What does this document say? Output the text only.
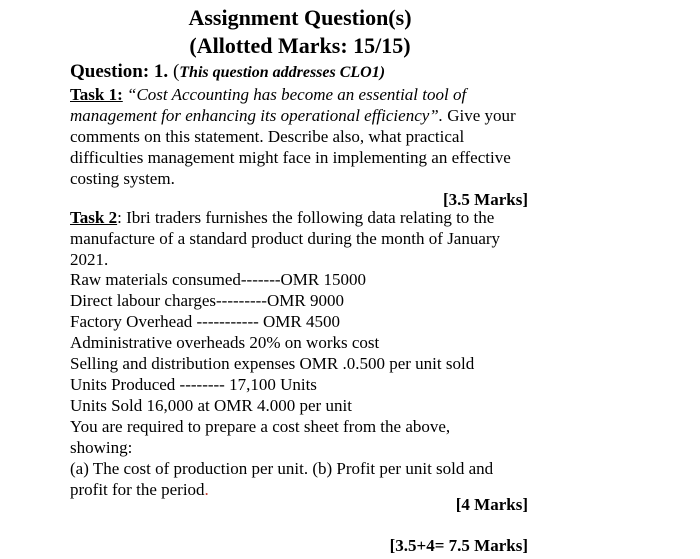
Assignment Question(s)
(Allotted Marks: 15/15)
Question: 1. (This question addresses CLO1)
Task 1: “Cost Accounting has become an essential tool of management for enhancing its operational efficiency”. Give your comments on this statement. Describe also, what practical difficulties management might face in implementing an effective costing system.
[3.5 Marks]
Task 2: Ibri traders furnishes the following data relating to the manufacture of a standard product during the month of January 2021.
Raw materials consumed-------OMR 15000
Direct labour charges---------OMR 9000
Factory Overhead ----------- OMR 4500
Administrative overheads 20% on works cost
Selling and distribution expenses OMR .0.500 per unit sold
Units Produced -------- 17,100 Units
Units Sold 16,000 at OMR 4.000 per unit
You are required to prepare a cost sheet from the above,
showing:
(a) The cost of production per unit. (b) Profit per unit sold and
profit for the period.
[4 Marks]
[3.5+4= 7.5 Marks]
